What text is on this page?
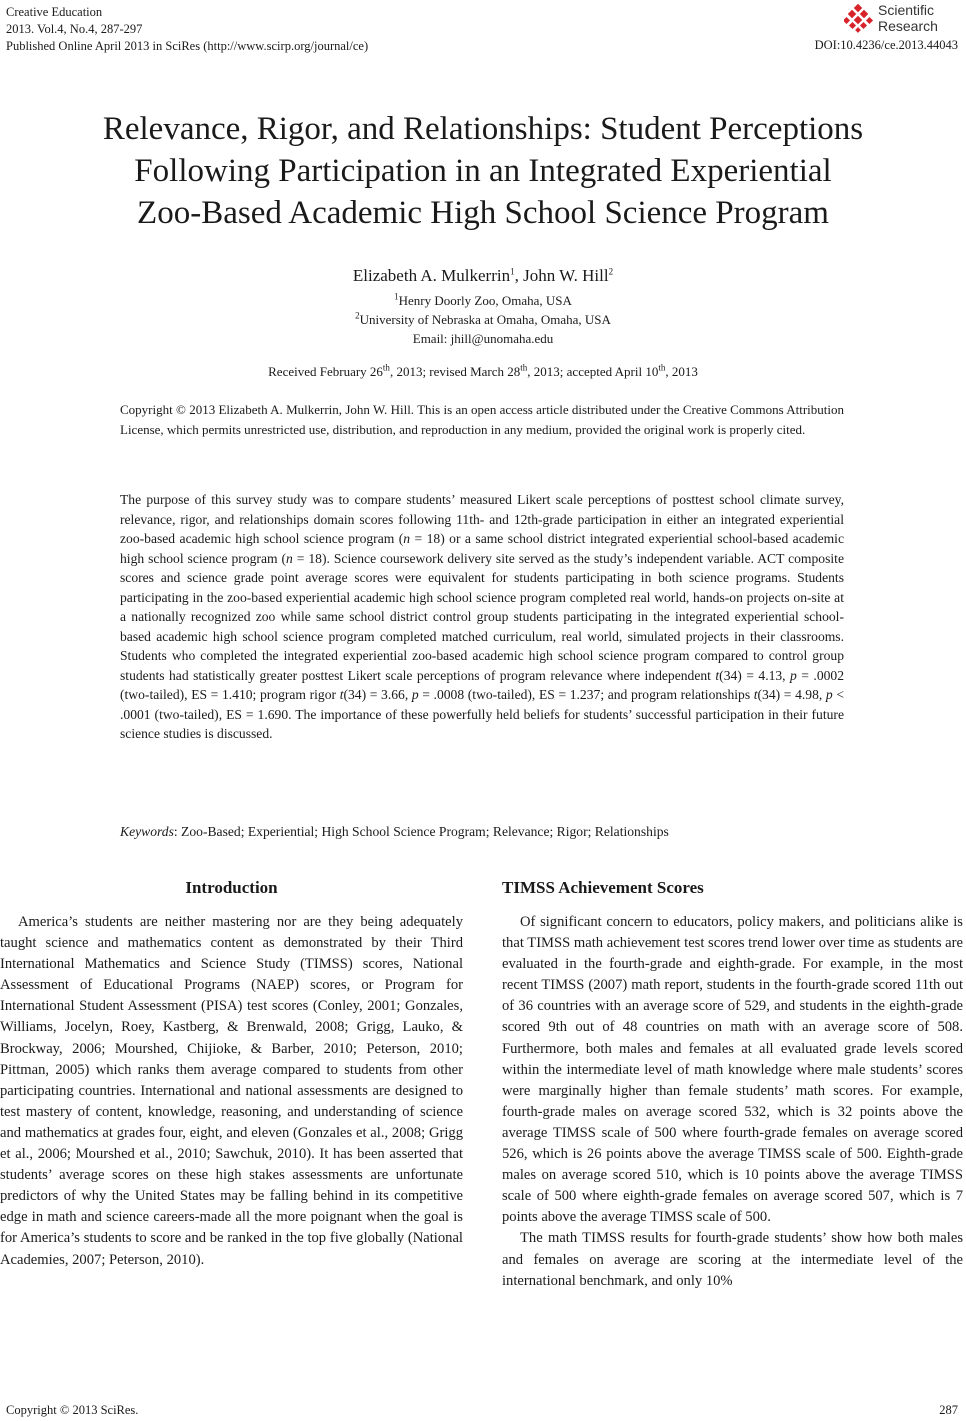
Creative Education
2013. Vol.4, No.4, 287-297
Published Online April 2013 in SciRes (http://www.scirp.org/journal/ce)
Scientific
Research
DOI:10.4236/ce.2013.44043
Relevance, Rigor, and Relationships: Student Perceptions
Following Participation in an Integrated Experiential
Zoo-Based Academic High School Science Program
Elizabeth A. Mulkerrin$^1$, John W. Hill$^2$
$^1$Henry Doorly Zoo, Omaha, USA
$^2$University of Nebraska at Omaha, Omaha, USA
Email: jhill@unomaha.edu
Received February 26th, 2013; revised March 28th, 2013; accepted April 10th, 2013
Copyright © 2013 Elizabeth A. Mulkerrin, John W. Hill. This is an open access article distributed under the Creative Commons Attribution License, which permits unrestricted use, distribution, and reproduction in any medium, provided the original work is properly cited.
The purpose of this survey study was to compare students’ measured Likert scale perceptions of posttest school climate survey, relevance, rigor, and relationships domain scores following 11th- and 12th-grade participation in either an integrated experiential zoo-based academic high school science program (n = 18) or a same school district integrated experiential school-based academic high school science program (n = 18). Science coursework delivery site served as the study’s independent variable. ACT composite scores and science grade point average scores were equivalent for students participating in both science programs. Students participating in the zoo-based experiential academic high school science program completed real world, hands-on projects on-site at a nationally recognized zoo while same school district control group students participating in the integrated experiential school-based academic high school science program completed matched curriculum, real world, simulated projects in their classrooms. Students who completed the integrated experiential zoo-based academic high school science program compared to control group students had statistically greater posttest Likert scale perceptions of program relevance where independent t(34) = 4.13, p = .0002 (two-tailed), ES = 1.410; program rigor t(34) = 3.66, p = .0008 (two-tailed), ES = 1.237; and program relationships t(34) = 4.98, p < .0001 (two-tailed), ES = 1.690. The importance of these powerfully held beliefs for students’ successful participation in their future science studies is discussed.
Keywords: Zoo-Based; Experiential; High School Science Program; Relevance; Rigor; Relationships
Introduction

America’s students are neither mastering nor are they being adequately taught science and mathematics content as demonstrated by their Third International Mathematics and Science Study (TIMSS) scores, National Assessment of Educational Programs (NAEP) scores, or Program for International Student Assessment (PISA) test scores (Conley, 2001; Gonzales, Williams, Jocelyn, Roey, Kastberg, & Brenwald, 2008; Grigg, Lauko, & Brockway, 2006; Mourshed, Chijioke, & Barber, 2010; Peterson, 2010; Pittman, 2005) which ranks them average compared to students from other participating countries. International and national assessments are designed to test mastery of content, knowledge, reasoning, and understanding of science and mathematics at grades four, eight, and eleven (Gonzales et al., 2008; Grigg et al., 2006; Mourshed et al., 2010; Sawchuk, 2010). It has been asserted that students’ average scores on these high stakes assessments are unfortunate predictors of why the United States may be falling behind in its competitive edge in math and science careers-made all the more poignant when the goal is for America’s students to score and be ranked in the top five globally (National Academies, 2007; Peterson, 2010).

TIMSS Achievement Scores

Of significant concern to educators, policy makers, and politicians alike is that TIMSS math achievement test scores trend lower over time as students are evaluated in the fourth-grade and eighth-grade. For example, in the most recent TIMSS (2007) math report, students in the fourth-grade scored 11th out of 36 countries with an average score of 529, and students in the eighth-grade scored 9th out of 48 countries on math with an average score of 508. Furthermore, both males and females at all evaluated grade levels scored within the intermediate level of math knowledge where male students’ scores were marginally higher than female students’ math scores. For example, fourth-grade males on average scored 532, which is 32 points above the average TIMSS scale of 500 where fourth-grade females on average scored 526, which is 26 points above the average TIMSS scale of 500. Eighth-grade males on average scored 510, which is 10 points above the average TIMSS scale of 500 where eighth-grade females on average scored 507, which is 7 points above the average TIMSS scale of 500.

The math TIMSS results for fourth-grade students’ show how both males and females on average are scoring at the intermediate level of the international benchmark, and only 10%

Copyright © 2013 SciRes.	287
